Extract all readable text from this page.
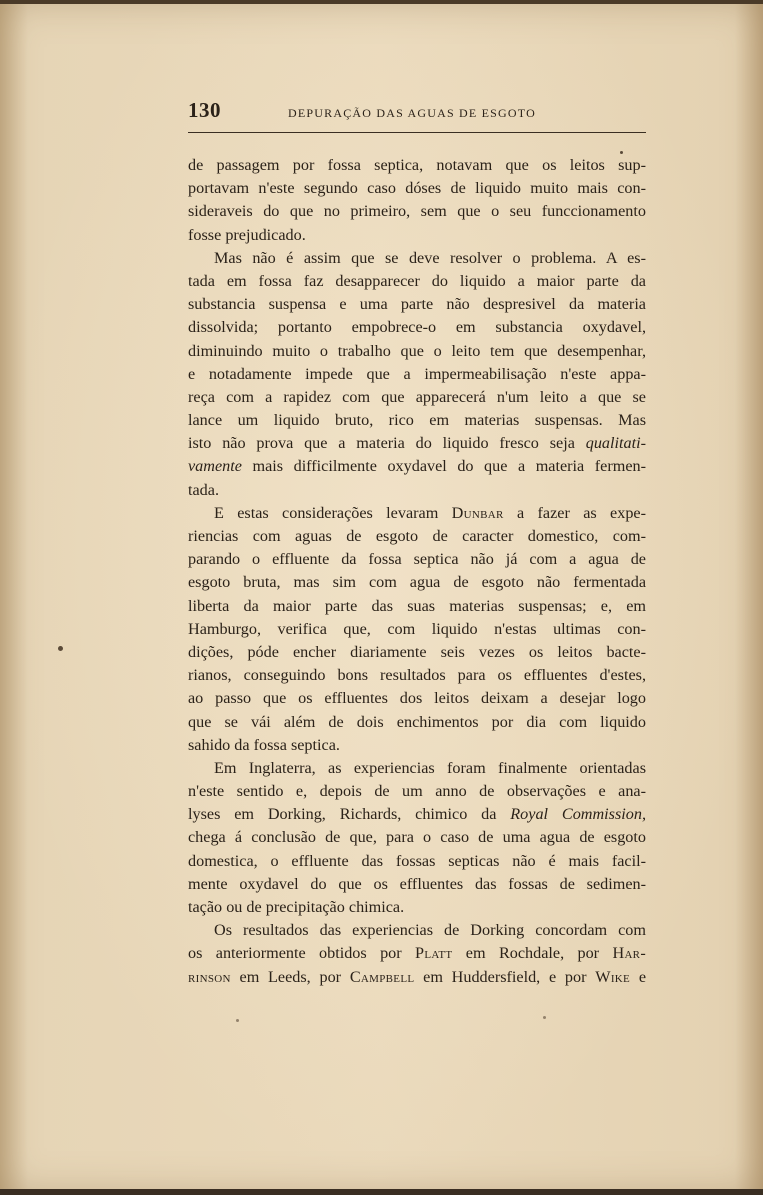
130	DEPURAÇÃO DAS AGUAS DE ESGOTO
de passagem por fossa septica, notavam que os leitos sup-
portavam n'este segundo caso dóses de liquido muito mais con-
sideraveis do que no primeiro, sem que o seu funccionamento
fosse prejudicado.
Mas não é assim que se deve resolver o problema. A es-
tada em fossa faz desapparecer do liquido a maior parte da
substancia suspensa e uma parte não despresivel da materia
dissolvida; portanto empobrece-o em substancia oxydavel,
diminuindo muito o trabalho que o leito tem que desempenhar,
e notadamente impede que a impermeabilisação n'este appa-
reça com a rapidez com que apparecerá n'um leito a que se
lance um liquido bruto, rico em materias suspensas. Mas
isto não prova que a materia do liquido fresco seja qualitati-
vamente mais difficilmente oxydavel do que a materia fermen-
tada.
E estas considerações levaram Dunbar a fazer as expe-
riencias com aguas de esgoto de caracter domestico, com-
parando o effluente da fossa septica não já com a agua de
esgoto bruta, mas sim com agua de esgoto não fermentada
liberta da maior parte das suas materias suspensas; e, em
Hamburgo, verifica que, com liquido n'estas ultimas con-
dições, póde encher diariamente seis vezes os leitos bacte-
rianos, conseguindo bons resultados para os effluentes d'estes,
ao passo que os effluentes dos leitos deixam a desejar logo
que se vái além de dois enchimentos por dia com liquido
sahido da fossa septica.
Em Inglaterra, as experiencias foram finalmente orientadas
n'este sentido e, depois de um anno de observações e ana-
lyses em Dorking, Richards, chimico da Royal Commission,
chega á conclusão de que, para o caso de uma agua de esgoto
domestica, o effluente das fossas septicas não é mais facil-
mente oxydavel do que os effluentes das fossas de sedimen-
tação ou de precipitação chimica.
Os resultados das experiencias de Dorking concordam com
os anteriormente obtidos por Platt em Rochdale, por Har-
rinson em Leeds, por Campbell em Huddersfield, e por Wike e
